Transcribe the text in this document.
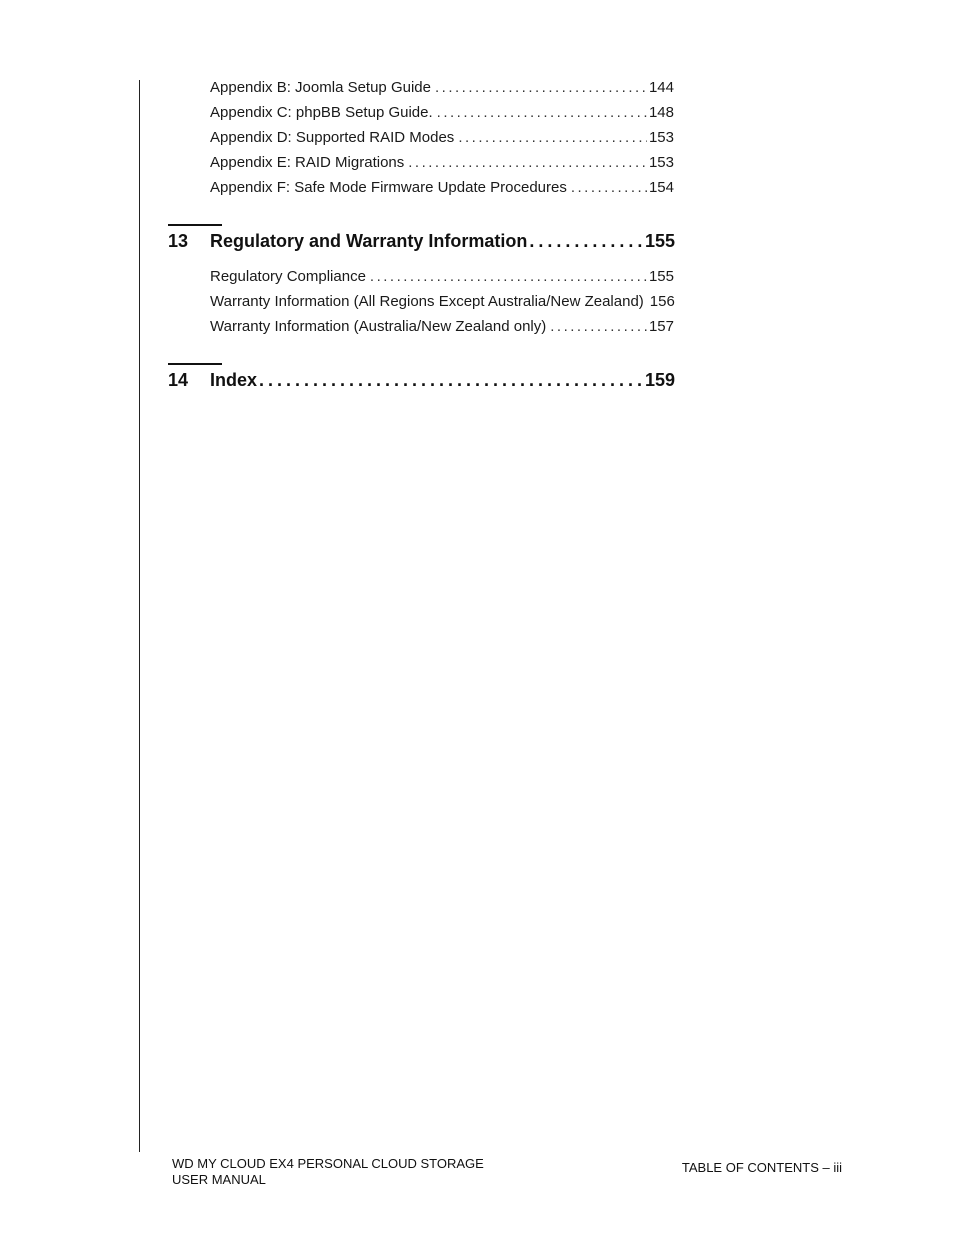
Appendix B: Joomla Setup Guide .....	144
Appendix C: phpBB Setup Guide. .....	148
Appendix D: Supported RAID Modes .....	153
Appendix E: RAID Migrations .....	153
Appendix F: Safe Mode Firmware Update Procedures .....	154
13	Regulatory and Warranty Information .....	155
Regulatory Compliance .....	155
Warranty Information (All Regions Except Australia/New Zealand) 156
Warranty Information (Australia/New Zealand only) .....	157
14	Index .....	159
WD MY CLOUD EX4 PERSONAL CLOUD STORAGE
USER MANUAL
TABLE OF CONTENTS – iii
